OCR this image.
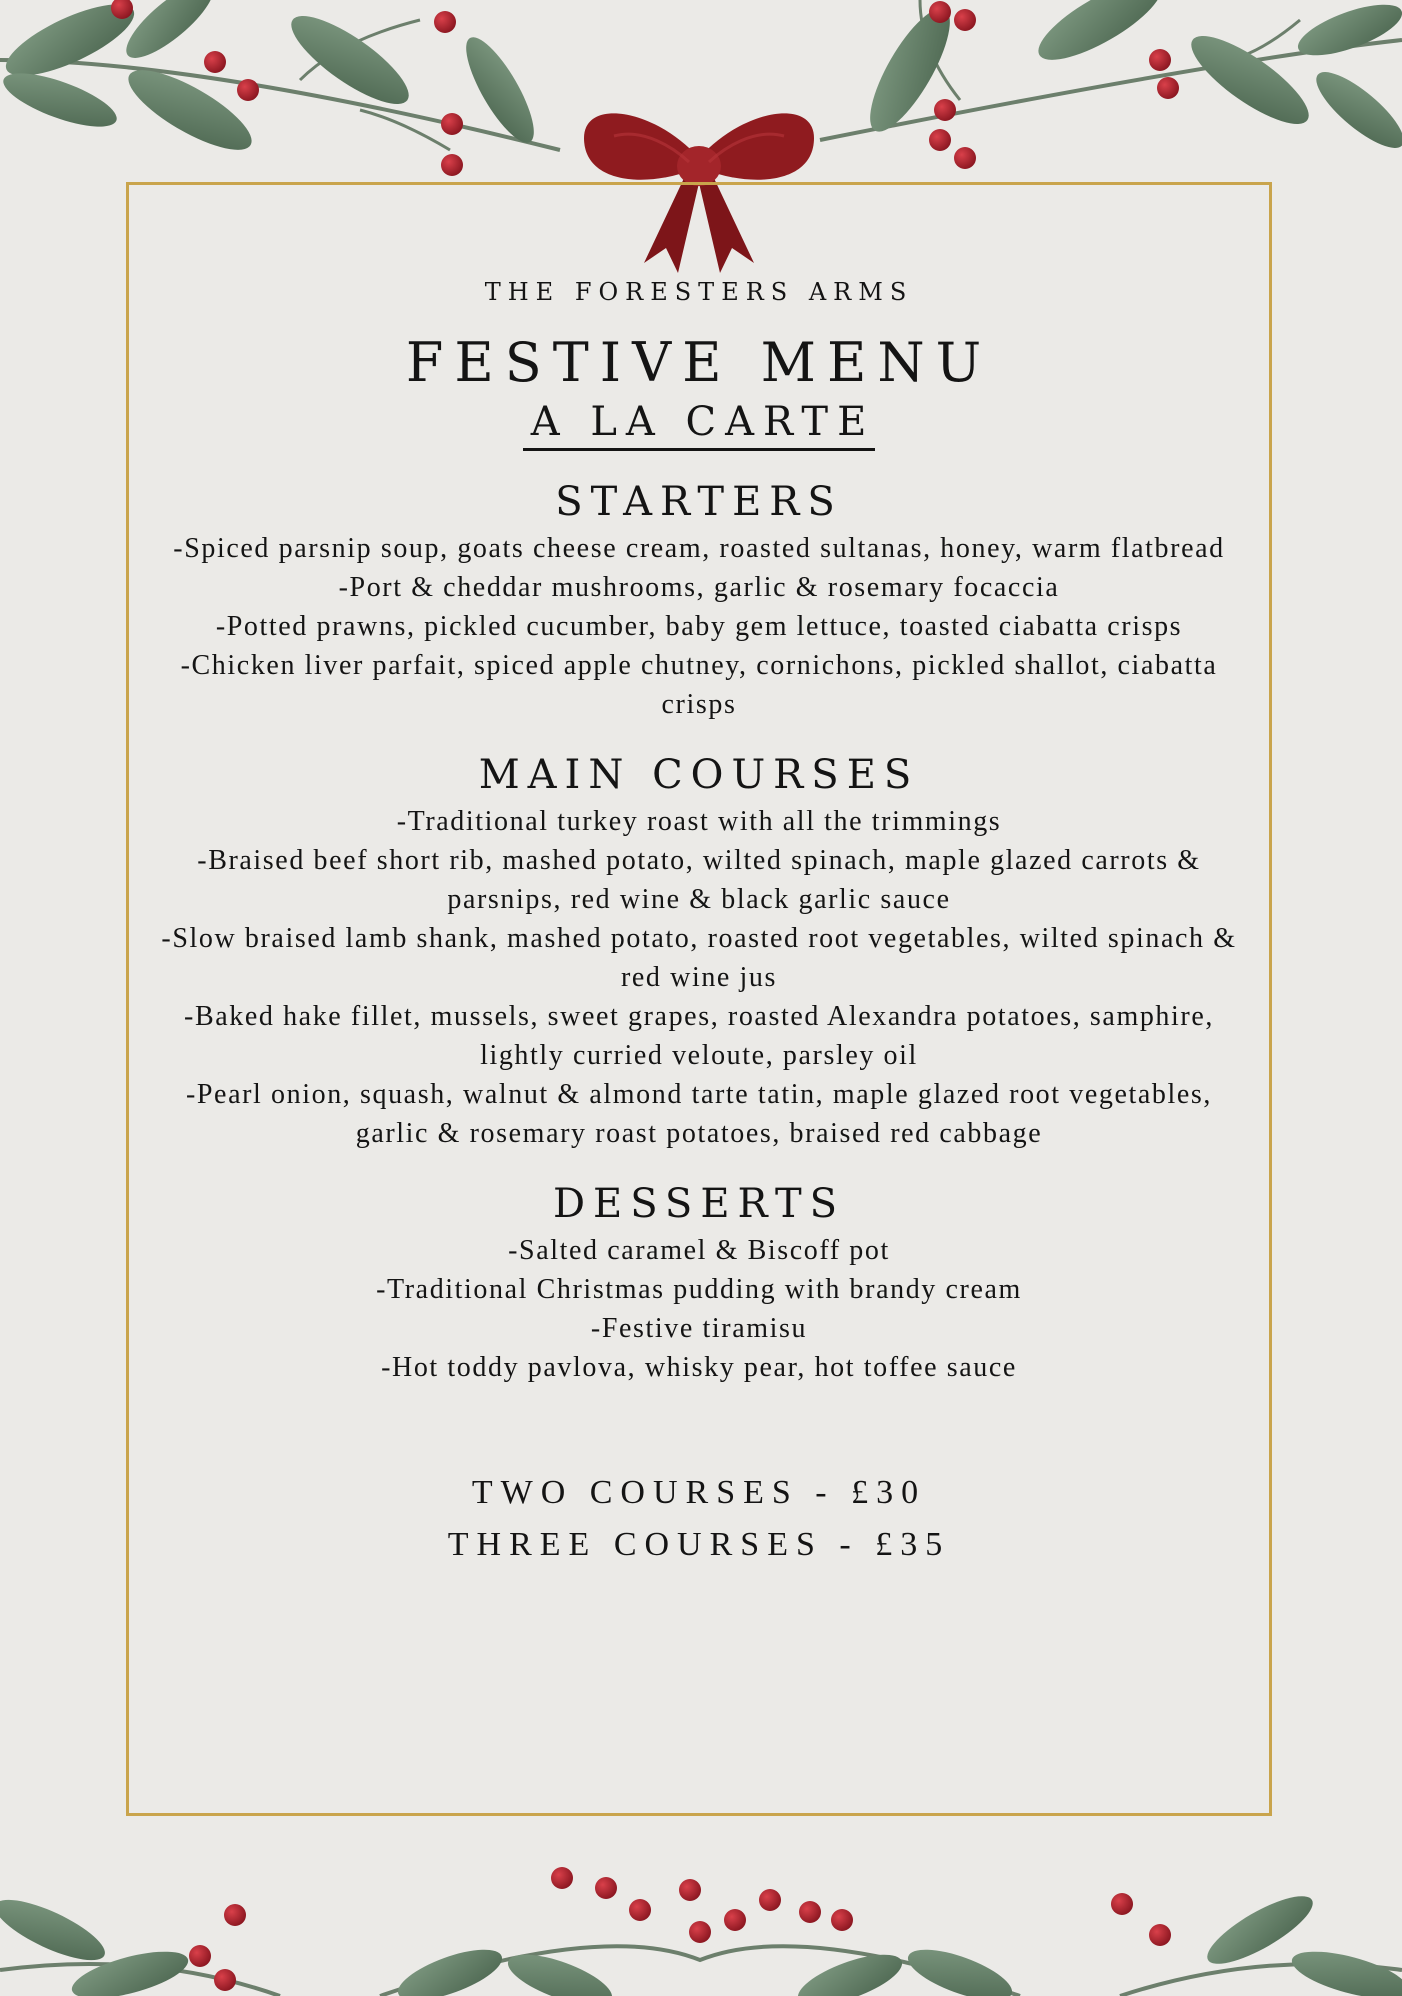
THE FORESTERS ARMS
FESTIVE MENU
A LA CARTE
STARTERS
-Spiced parsnip soup, goats cheese cream, roasted sultanas, honey, warm flatbread
-Port & cheddar mushrooms, garlic & rosemary focaccia
-Potted prawns, pickled cucumber, baby gem lettuce, toasted ciabatta crisps
-Chicken liver parfait, spiced apple chutney, cornichons, pickled shallot, ciabatta crisps
MAIN COURSES
-Traditional turkey roast with all the trimmings
-Braised beef short rib, mashed potato, wilted spinach, maple glazed carrots & parsnips, red wine & black garlic sauce
-Slow braised lamb shank, mashed potato, roasted root vegetables, wilted spinach & red wine jus
-Baked hake fillet, mussels, sweet grapes, roasted Alexandra potatoes, samphire, lightly curried veloute, parsley oil
-Pearl onion, squash, walnut & almond tarte tatin, maple glazed root vegetables, garlic & rosemary roast potatoes, braised red cabbage
DESSERTS
-Salted caramel & Biscoff pot
-Traditional Christmas pudding with brandy cream
-Festive tiramisu
-Hot toddy pavlova, whisky pear, hot toffee sauce
TWO COURSES - £30
THREE COURSES - £35
